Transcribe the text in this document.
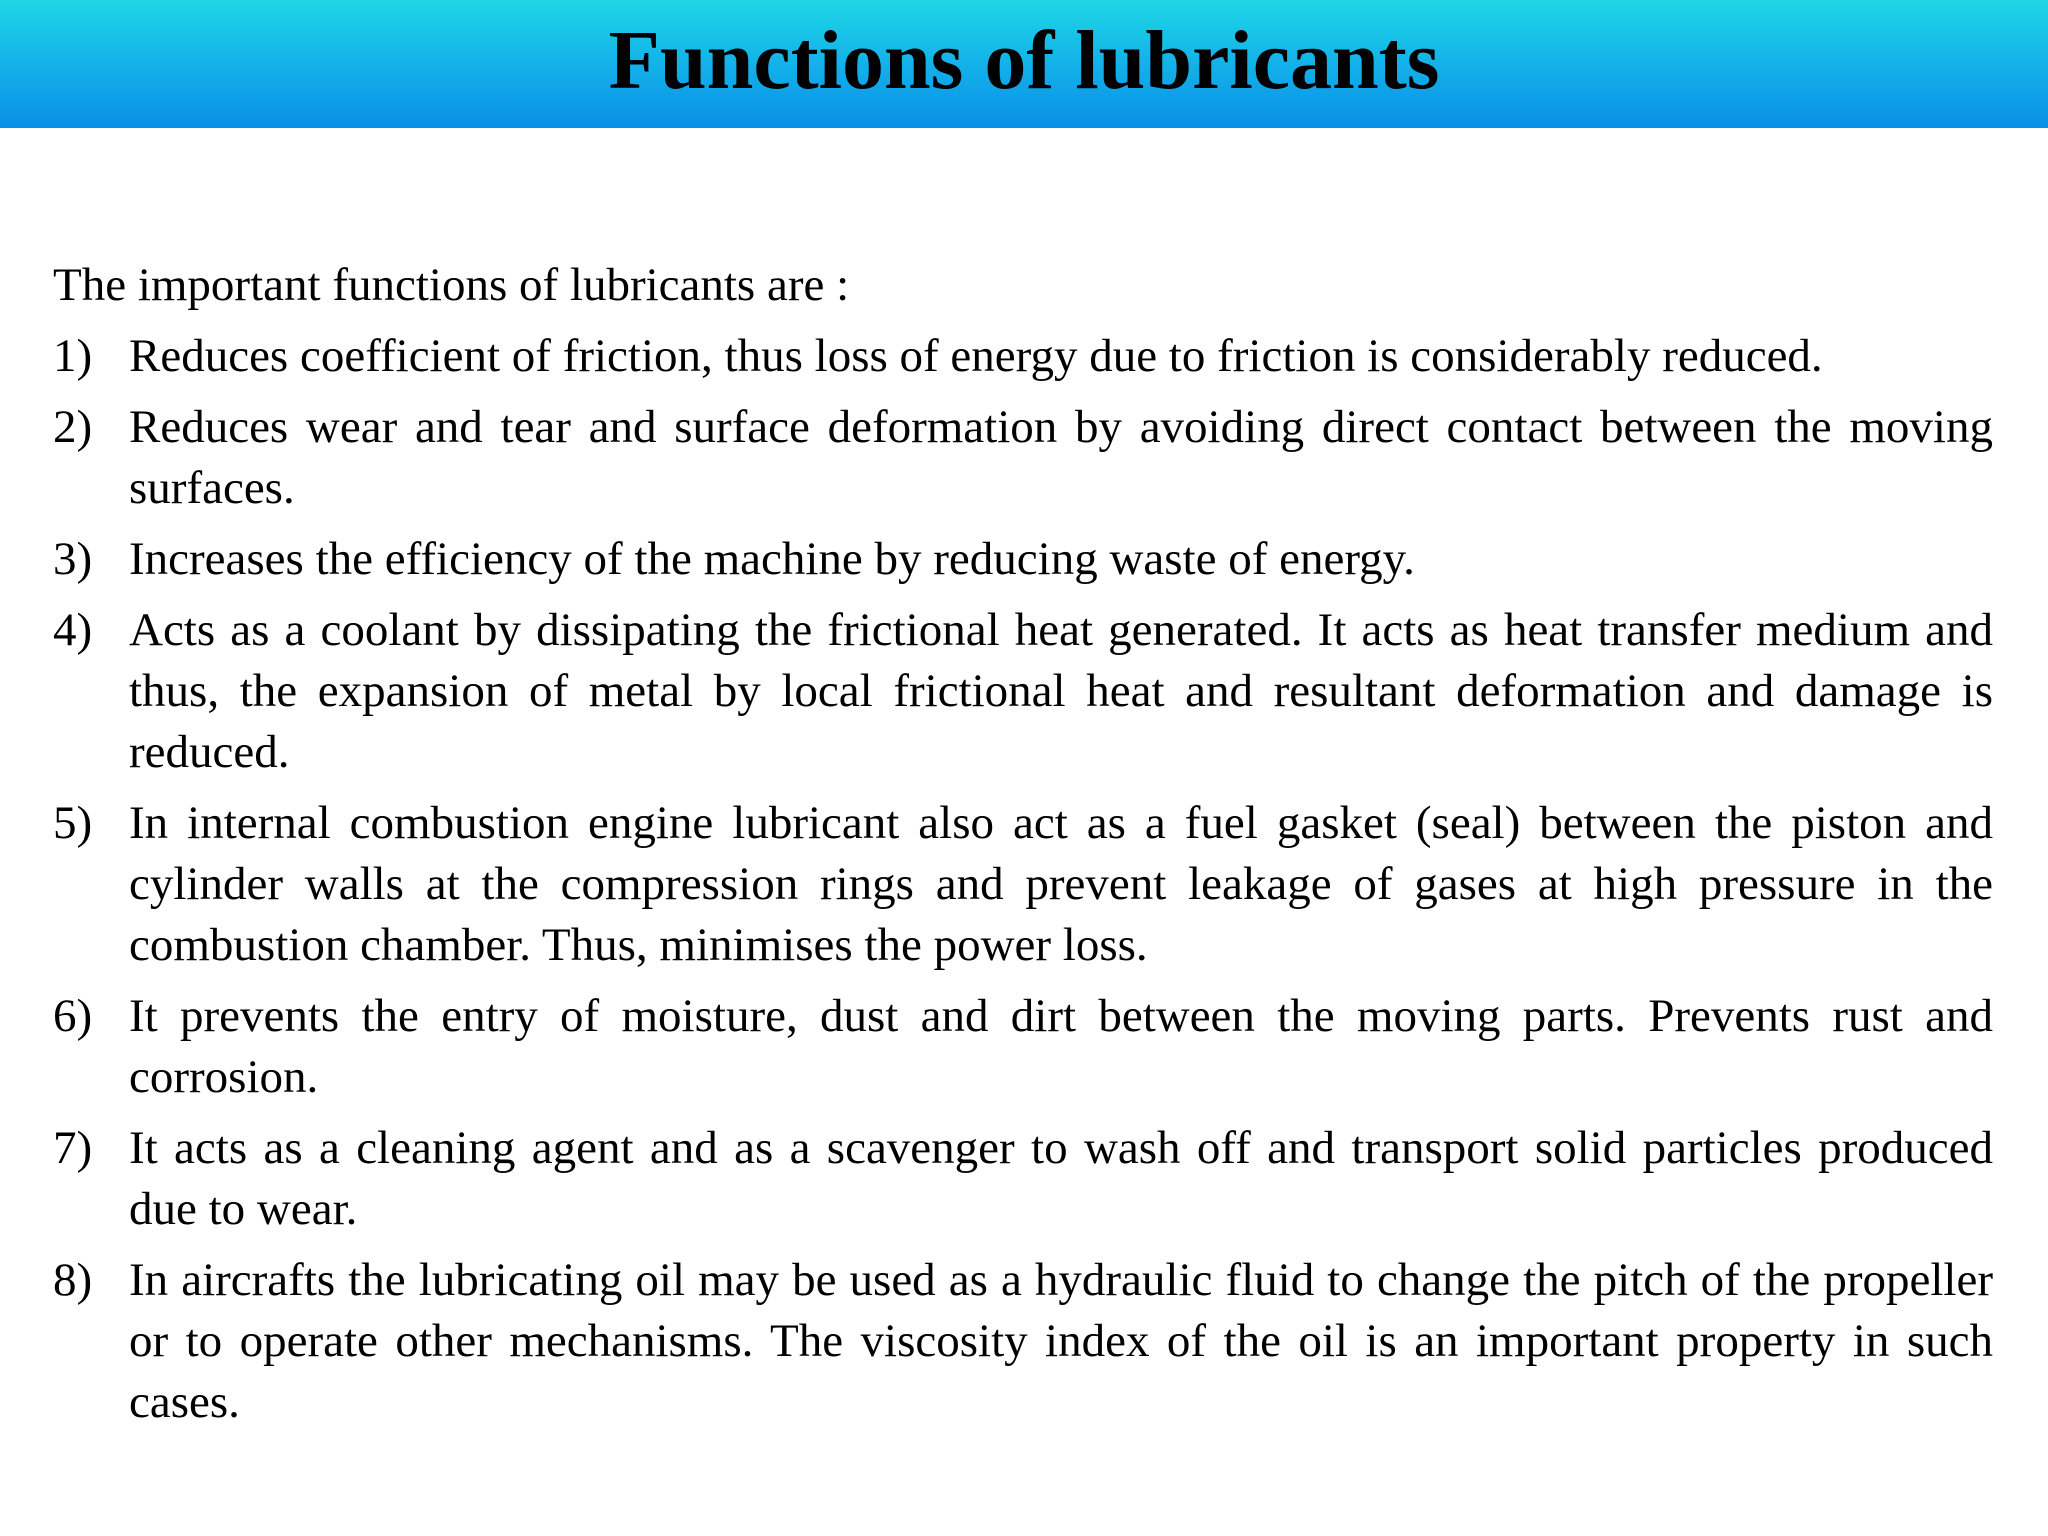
Functions of lubricants
The important functions of lubricants are :
1) Reduces coefficient of friction, thus loss of energy due to friction is considerably reduced.
2) Reduces wear and tear and surface deformation by avoiding direct contact between the moving surfaces.
3) Increases the efficiency of the machine by reducing waste of energy.
4) Acts as a coolant by dissipating the frictional heat generated. It acts as heat transfer medium and thus, the expansion of metal by local frictional heat and resultant deformation and damage is reduced.
5) In internal combustion engine lubricant also act as a fuel gasket (seal) between the piston and cylinder walls at the compression rings and prevent leakage of gases at high pressure in the combustion chamber. Thus, minimises the power loss.
6) It prevents the entry of moisture, dust and dirt between the moving parts. Prevents rust and corrosion.
7) It acts as a cleaning agent and as a scavenger to wash off and transport solid particles produced due to wear.
8) In aircrafts the lubricating oil may be used as a hydraulic fluid to change the pitch of the propeller or to operate other mechanisms. The viscosity index of the oil is an important property in such cases.
